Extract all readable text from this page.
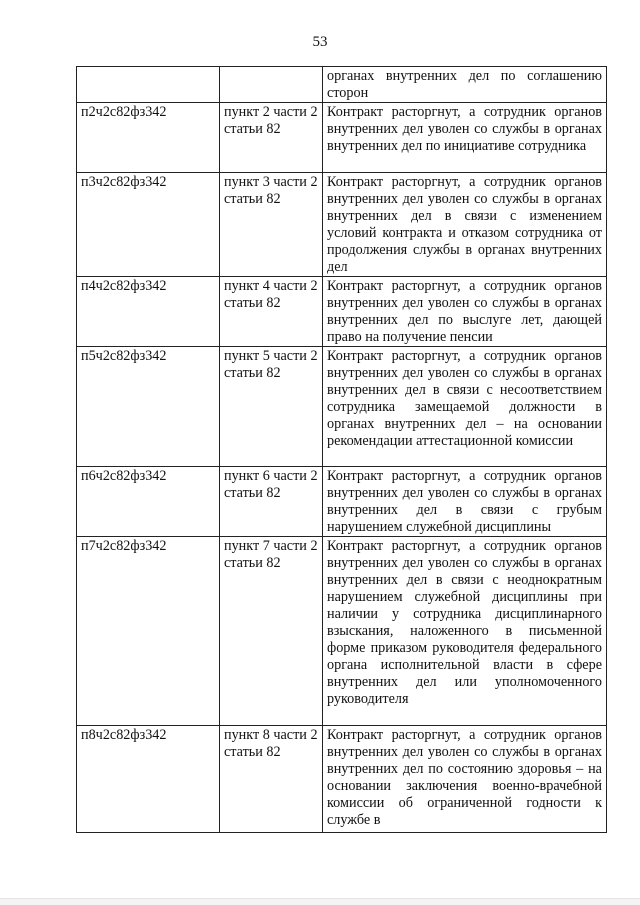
53
		органах внутренних дел по соглашению сторон
п2ч2с82фз342	пункт 2 части 2 статьи 82	Контракт расторгнут, а сотрудник органов внутренних дел уволен со службы в органах внутренних дел по инициативе сотрудника
п3ч2с82фз342	пункт 3 части 2 статьи 82	Контракт расторгнут, а сотрудник органов внутренних дел уволен со службы в органах внутренних дел в связи с изменением условий контракта и отказом сотрудника от продолжения службы в органах внутренних дел
п4ч2с82фз342	пункт 4 части 2 статьи 82	Контракт расторгнут, а сотрудник органов внутренних дел уволен со службы в органах внутренних дел по выслуге лет, дающей право на получение пенсии
п5ч2с82фз342	пункт 5 части 2 статьи 82	Контракт расторгнут, а сотрудник органов внутренних дел уволен со службы в органах внутренних дел в связи с несоответствием сотрудника замещаемой должности в органах внутренних дел – на основании рекомендации аттестационной комиссии
п6ч2с82фз342	пункт 6 части 2 статьи 82	Контракт расторгнут, а сотрудник органов внутренних дел уволен со службы в органах внутренних дел в связи с грубым нарушением служебной дисциплины
п7ч2с82фз342	пункт 7 части 2 статьи 82	Контракт расторгнут, а сотрудник органов внутренних дел уволен со службы в органах внутренних дел в связи с неоднократным нарушением служебной дисциплины при наличии у сотрудника дисциплинарного взыскания, наложенного в письменной форме приказом руководителя федерального органа исполнительной власти в сфере внутренних дел или уполномоченного руководителя
п8ч2с82фз342	пункт 8 части 2 статьи 82	Контракт расторгнут, а сотрудник органов внутренних дел уволен со службы в органах внутренних дел по состоянию здоровья – на основании заключения военно-врачебной комиссии об ограниченной годности к службе в
